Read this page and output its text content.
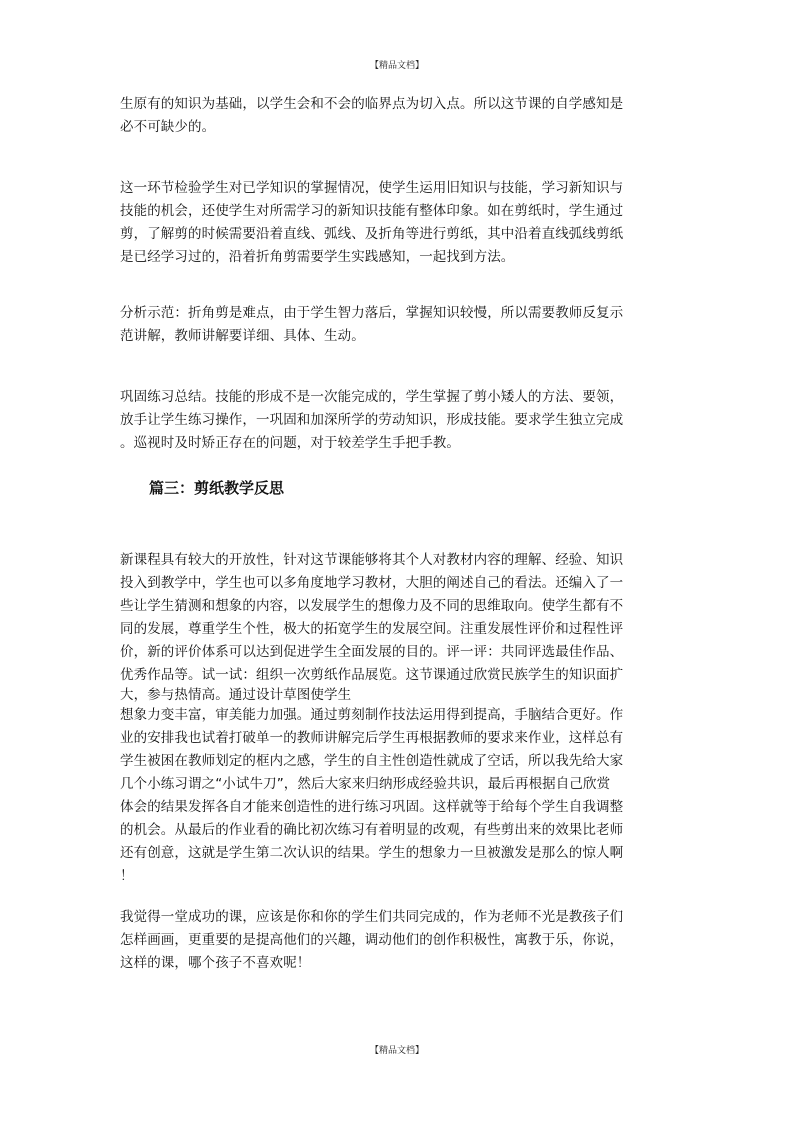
【精品文档】
生原有的知识为基础，以学生会和不会的临界点为切入点。所以这节课的自学感知是
必不可缺少的。
这一环节检验学生对已学知识的掌握情况，使学生运用旧知识与技能，学习新知识与
技能的机会，还使学生对所需学习的新知识技能有整体印象。如在剪纸时，学生通过
剪，了解剪的时候需要沿着直线、弧线、及折角等进行剪纸，其中沿着直线弧线剪纸
是已经学习过的，沿着折角剪需要学生实践感知，一起找到方法。
分析示范：折角剪是难点，由于学生智力落后，掌握知识较慢，所以需要教师反复示
范讲解，教师讲解要详细、具体、生动。
巩固练习总结。技能的形成不是一次能完成的，学生掌握了剪小矮人的方法、要领，
放手让学生练习操作，一巩固和加深所学的劳动知识，形成技能。要求学生独立完成
。巡视时及时矫正存在的问题，对于较差学生手把手教。
篇三：剪纸教学反思
新课程具有较大的开放性，针对这节课能够将其个人对教材内容的理解、经验、知识
投入到教学中，学生也可以多角度地学习教材，大胆的阐述自己的看法。还编入了一
些让学生猜测和想象的内容，以发展学生的想像力及不同的思维取向。使学生都有不
同的发展，尊重学生个性，极大的拓宽学生的发展空间。注重发展性评价和过程性评
价，新的评价体系可以达到促进学生全面发展的目的。评一评：共同评选最佳作品、
优秀作品等。试一试：组织一次剪纸作品展览。这节课通过欣赏民族学生的知识面扩
大，参与热情高。通过设计草图使学生
想象力变丰富，审美能力加强。通过剪刻制作技法运用得到提高，手脑结合更好。作
业的安排我也试着打破单一的教师讲解完后学生再根据教师的要求来作业，这样总有
学生被困在教师划定的框内之感，学生的自主性创造性就成了空话，所以我先给大家
几个小练习谓之“小试牛刀”，然后大家来归纳形成经验共识，最后再根据自己欣赏
体会的结果发挥各自才能来创造性的进行练习巩固。这样就等于给每个学生自我调整
的机会。从最后的作业看的确比初次练习有着明显的改观，有些剪出来的效果比老师
还有创意，这就是学生第二次认识的结果。学生的想象力一旦被激发是那么的惊人啊
！
我觉得一堂成功的课，应该是你和你的学生们共同完成的，作为老师不光是教孩子们
怎样画画，更重要的是提高他们的兴趣，调动他们的创作积极性，寓教于乐，你说，
这样的课，哪个孩子不喜欢呢！
【精品文档】
